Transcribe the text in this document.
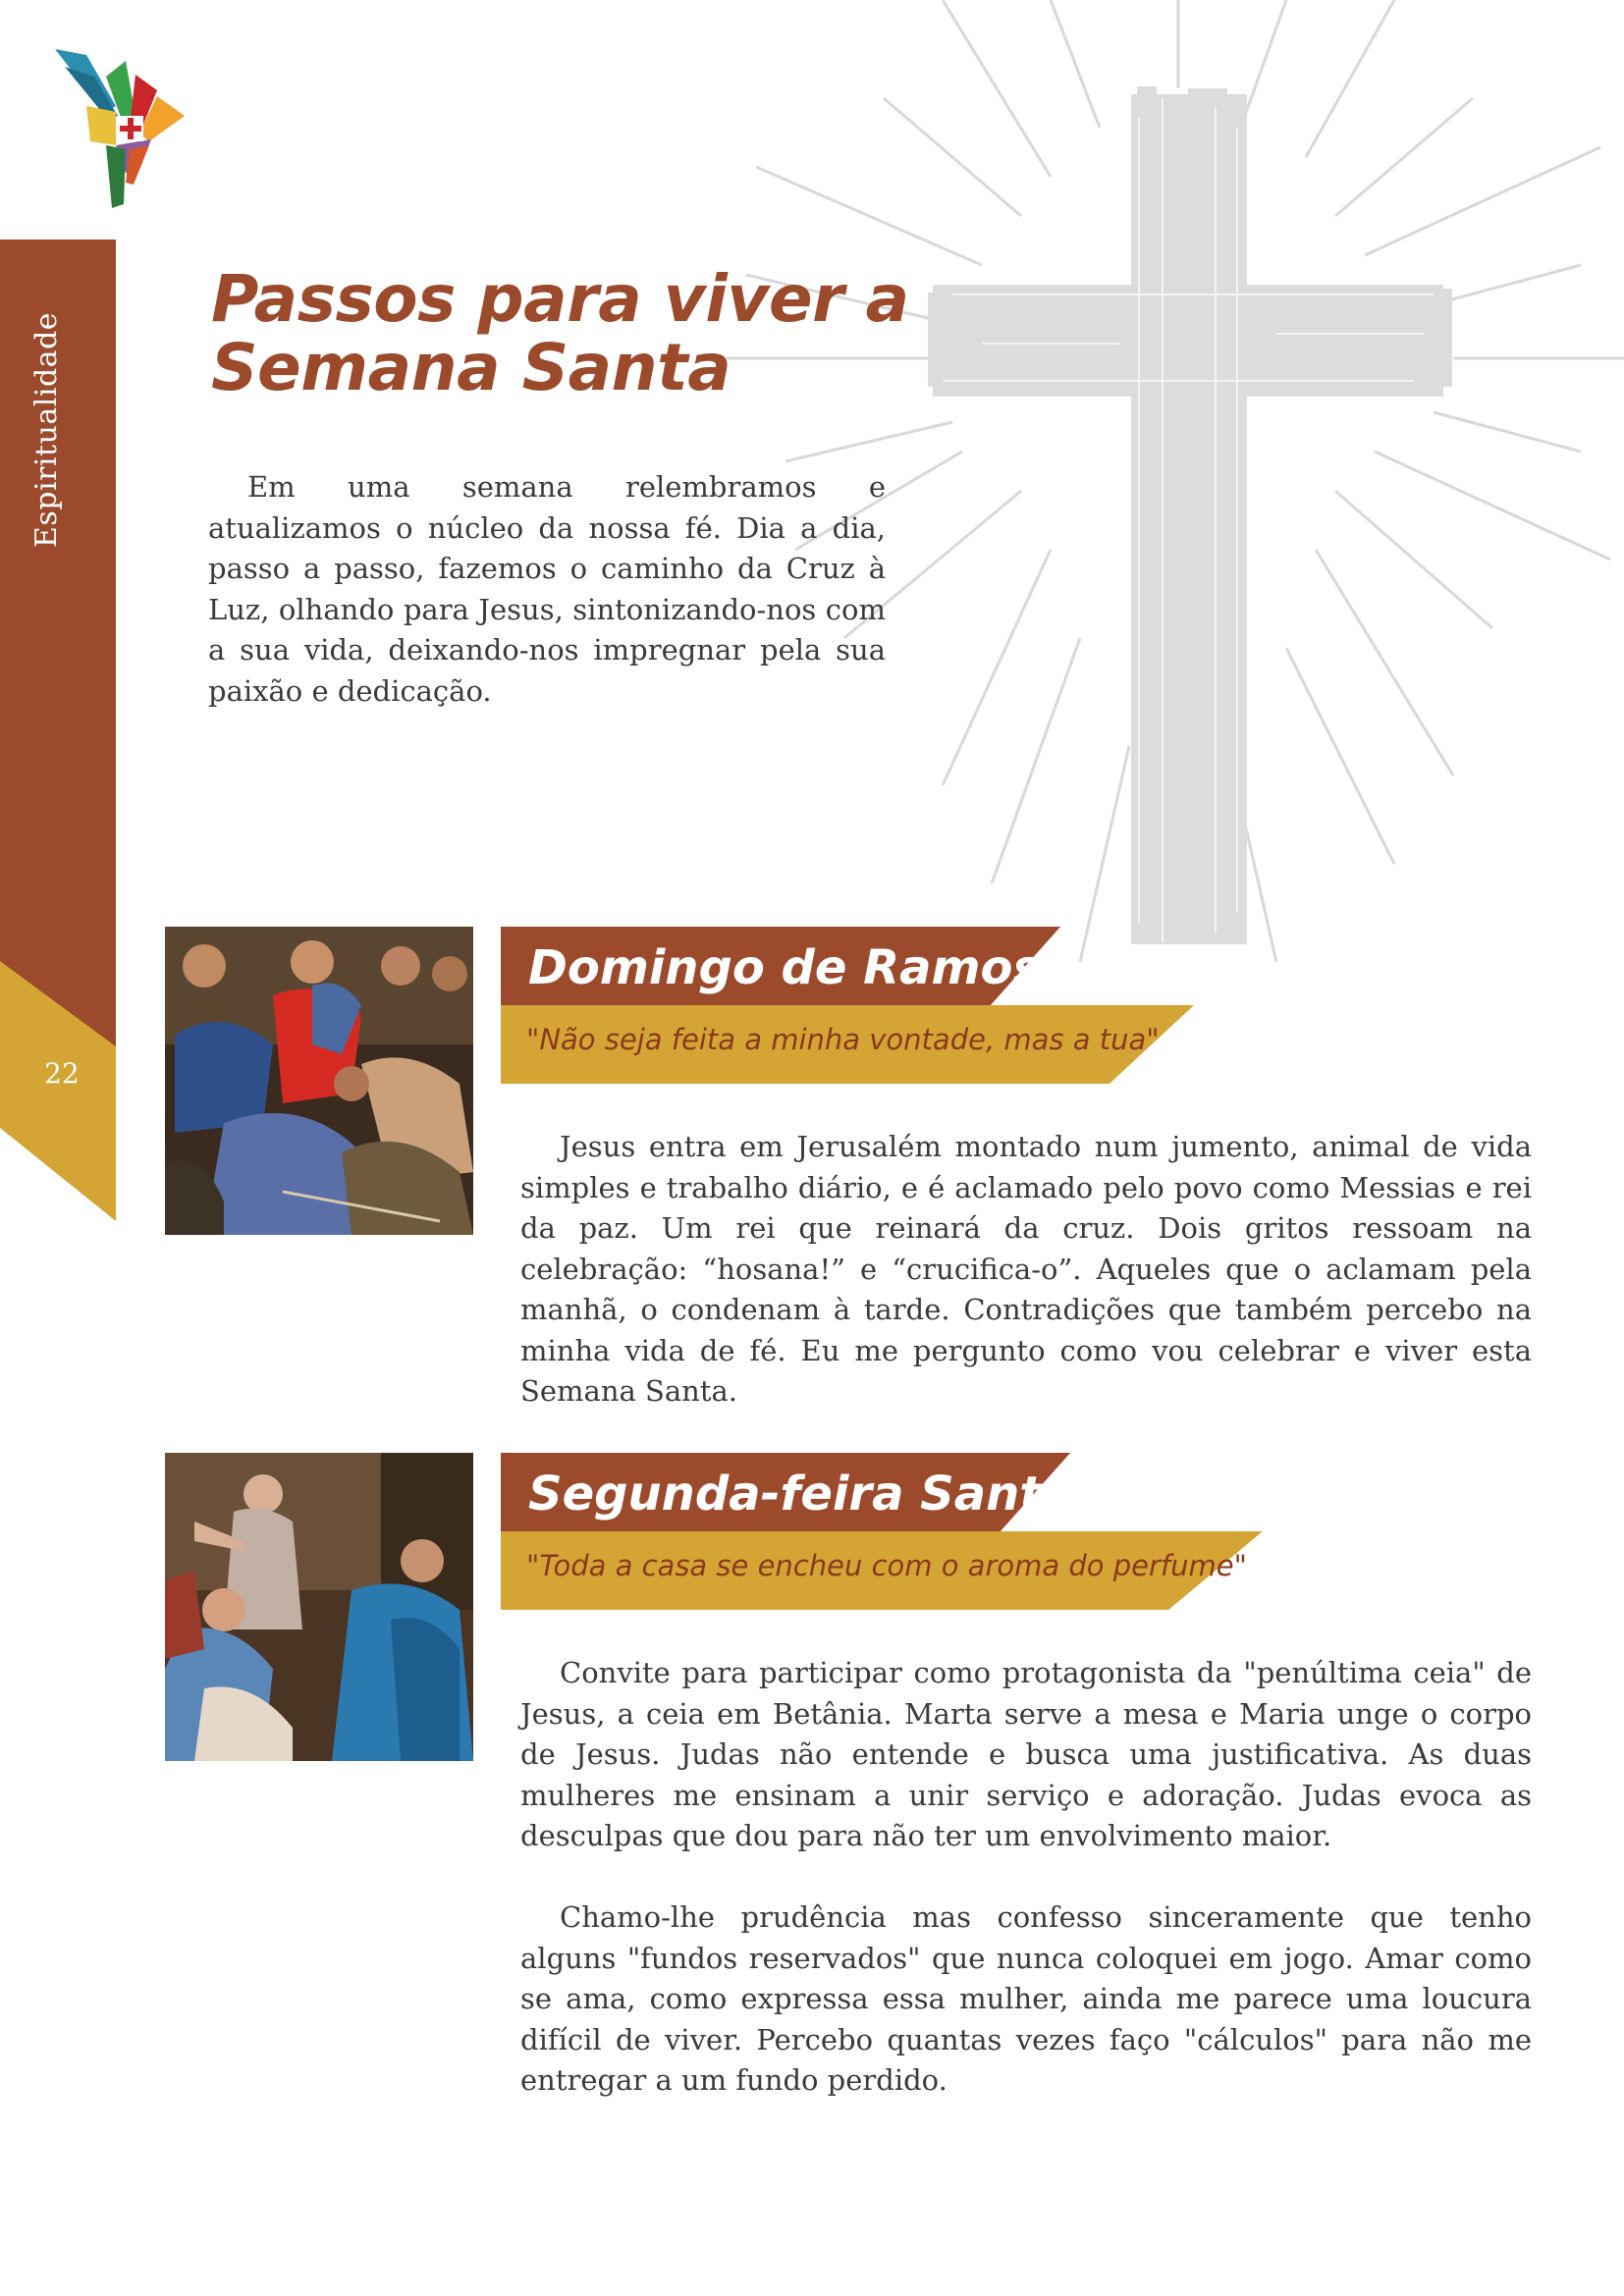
Espiritualidade
22
Passos para viver a
Semana Santa

Em uma semana relembramos e atualizamos o núcleo da nossa fé. Dia a dia, passo a passo, fazemos o caminho da Cruz à Luz, olhando para Jesus, sintonizando-nos com a sua vida, deixando-nos impregnar pela sua paixão e dedicação.

Domingo de Ramos:
"Não seja feita a minha vontade, mas a tua"

Jesus entra em Jerusalém montado num jumento, animal de vida simples e trabalho diário, e é aclamado pelo povo como Messias e rei da paz. Um rei que reinará da cruz. Dois gritos ressoam na celebração: “hosana!” e “crucifica-o”. Aqueles que o aclamam pela manhã, o condenam à tarde. Contradições que também percebo na minha vida de fé. Eu me pergunto como vou celebrar e viver esta Semana Santa.

Segunda-feira Santa
"Toda a casa se encheu com o aroma do perfume"

Convite para participar como protagonista da "penúltima ceia" de Jesus, a ceia em Betânia. Marta serve a mesa e Maria unge o corpo de Jesus. Judas não entende e busca uma justificativa. As duas mulheres me ensinam a unir serviço e adoração. Judas evoca as desculpas que dou para não ter um envolvimento maior.

Chamo-lhe prudência mas confesso sinceramente que tenho alguns "fundos reservados" que nunca coloquei em jogo. Amar como se ama, como expressa essa mulher, ainda me parece uma loucura difícil de viver. Percebo quantas vezes faço "cálculos" para não me entregar a um fundo perdido.
